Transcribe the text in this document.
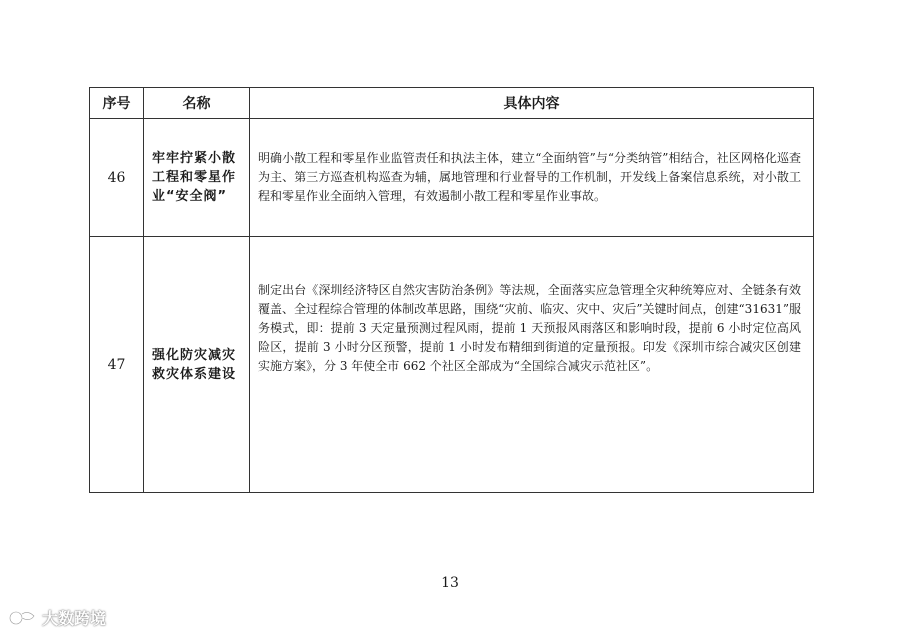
序号	名称	具体内容
46	牢牢拧紧小散工程和零星作业“安全阀”	明确小散工程和零星作业监管责任和执法主体，建立“全面纳管”与“分类纳管”相结合，社区网格化巡查为主、第三方巡查机构巡查为辅，属地管理和行业督导的工作机制，开发线上备案信息系统，对小散工程和零星作业全面纳入管理，有效遏制小散工程和零星作业事故。
47	强化防灾减灾救灾体系建设	制定出台《深圳经济特区自然灾害防治条例》等法规，全面落实应急管理全灾种统筹应对、全链条有效覆盖、全过程综合管理的体制改革思路，围绕“灾前、临灾、灾中、灾后”关键时间点，创建“31631”服务模式，即：提前 3 天定量预测过程风雨，提前 1 天预报风雨落区和影响时段，提前 6 小时定位高风险区，提前 3 小时分区预警，提前 1 小时发布精细到街道的定量预报。印发《深圳市综合减灾区创建实施方案》，分 3 年使全市 662 个社区全部成为“全国综合减灾示范社区”。
13
大数跨境
